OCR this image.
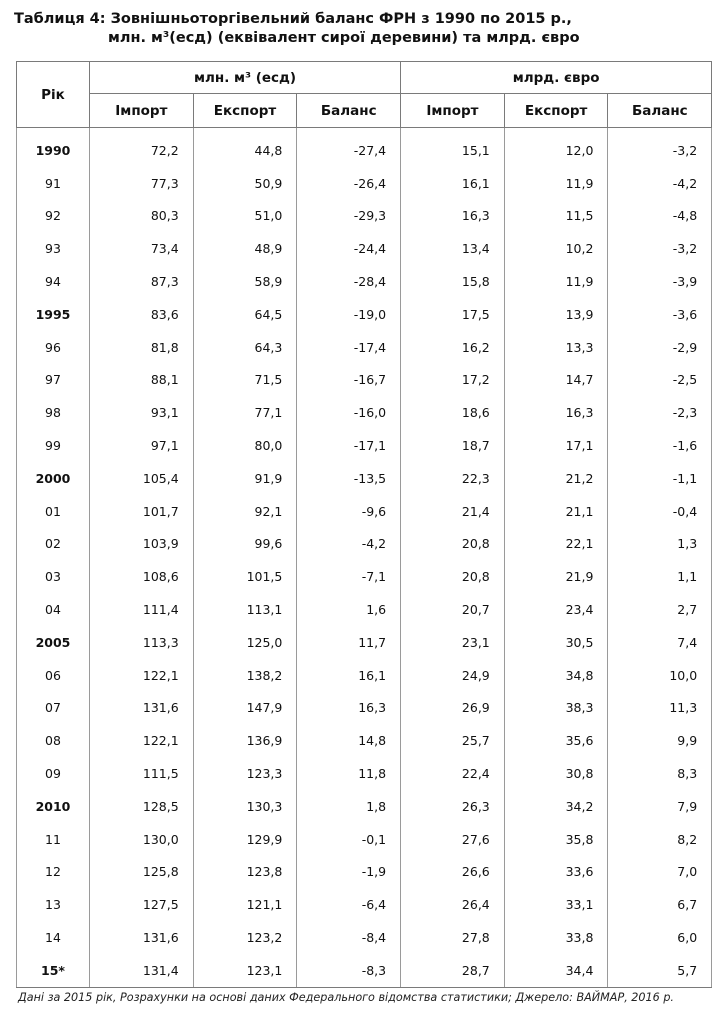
Таблиця 4: Зовнішньоторгівельний баланс ФРН з 1990 по 2015 р.,
млн. м³(есд) (еквівалент сирої деревини) та млрд. євро
Рік	млн. м³ (есд)			млрд. євро		
	Імпорт	Експорт	Баланс	Імпорт	Експорт	Баланс
1990	72,2	44,8	-27,4	15,1	12,0	-3,2
91	77,3	50,9	-26,4	16,1	11,9	-4,2
92	80,3	51,0	-29,3	16,3	11,5	-4,8
93	73,4	48,9	-24,4	13,4	10,2	-3,2
94	87,3	58,9	-28,4	15,8	11,9	-3,9
1995	83,6	64,5	-19,0	17,5	13,9	-3,6
96	81,8	64,3	-17,4	16,2	13,3	-2,9
97	88,1	71,5	-16,7	17,2	14,7	-2,5
98	93,1	77,1	-16,0	18,6	16,3	-2,3
99	97,1	80,0	-17,1	18,7	17,1	-1,6
2000	105,4	91,9	-13,5	22,3	21,2	-1,1
01	101,7	92,1	-9,6	21,4	21,1	-0,4
02	103,9	99,6	-4,2	20,8	22,1	1,3
03	108,6	101,5	-7,1	20,8	21,9	1,1
04	111,4	113,1	1,6	20,7	23,4	2,7
2005	113,3	125,0	11,7	23,1	30,5	7,4
06	122,1	138,2	16,1	24,9	34,8	10,0
07	131,6	147,9	16,3	26,9	38,3	11,3
08	122,1	136,9	14,8	25,7	35,6	9,9
09	111,5	123,3	11,8	22,4	30,8	8,3
2010	128,5	130,3	1,8	26,3	34,2	7,9
11	130,0	129,9	-0,1	27,6	35,8	8,2
12	125,8	123,8	-1,9	26,6	33,6	7,0
13	127,5	121,1	-6,4	26,4	33,1	6,7
14	131,6	123,2	-8,4	27,8	33,8	6,0
15*	131,4	123,1	-8,3	28,7	34,4	5,7
Дані за 2015 рік, Розрахунки на основі даних Федерального відомства статистики; Джерело: ВАЙМАР, 2016 р.
